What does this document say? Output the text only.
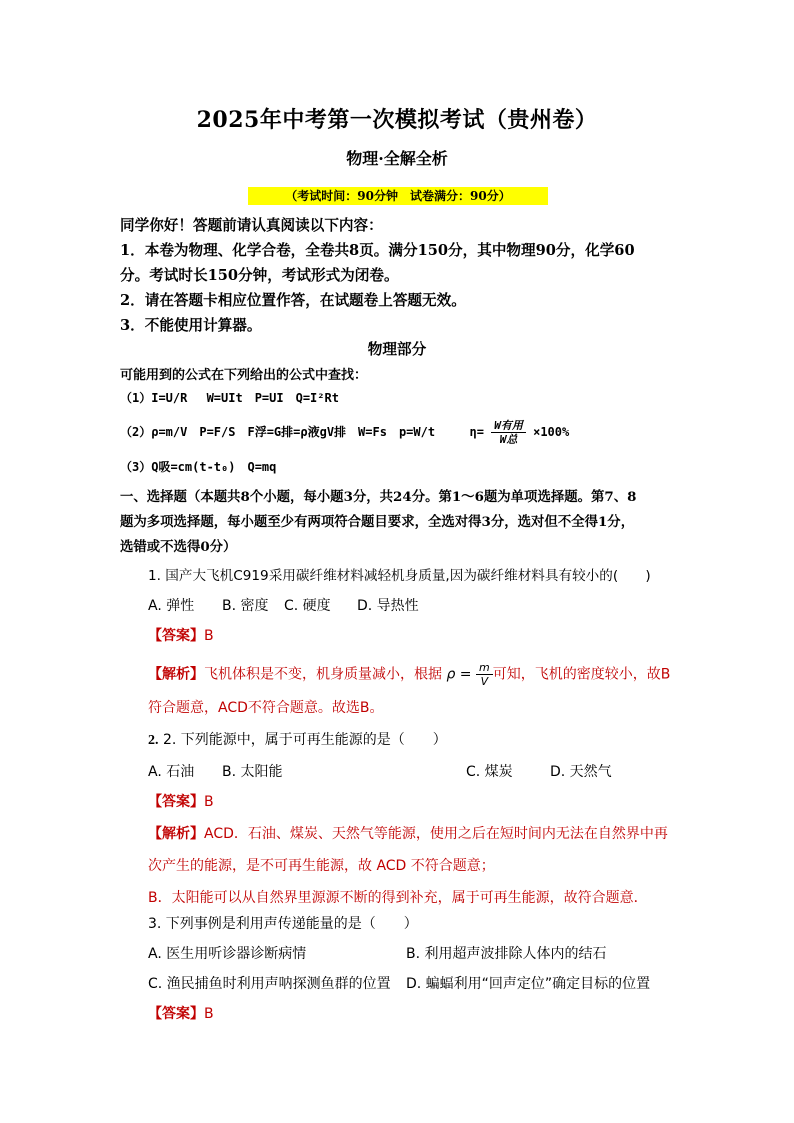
2025年中考第一次模拟考试（贵州卷）
物理·全解全析
（考试时间：90分钟　试卷满分：90分）
同学你好！答题前请认真阅读以下内容：
1．本卷为物理、化学合卷，全卷共8页。满分150分，其中物理90分，化学60
分。考试时长150分钟，考试形式为闭卷。
2．请在答题卡相应位置作答，在试题卷上答题无效。
3．不能使用计算器。
物理部分
可能用到的公式在下列给出的公式中查找：
（1）I=U/R　 W=UIt　P=UI　Q=I²Rt
（2）ρ=m/V　P=F/S　F浮=G排=ρ液gV排　W=Fs　p=W/t	$\eta= \frac{\text{W有用}}{\text{W总}} \times 100\%$
（3）Q吸=cm(t-t₀)　Q=mq
一、选择题（本题共8个小题，每小题3分，共24分。第1～6题为单项选择题。第7、8
题为多项选择题，每小题至少有两项符合题目要求，全选对得3分，选对但不全得1分，
选错或不选得0分）
1. 国产大飞机C919采用碳纤维材料减轻机身质量,因为碳纤维材料具有较小的(　　)
A. 弹性 B. 密度 C. 硬度 D. 导热性
【答案】B
【解析】飞机体积是不变，机身质量减小，根据 $\rho = \frac{m}{V}$ 可知，飞机的密度较小，故B
符合题意，ACD不符合题意。故选B。
2. 2. 下列能源中，属于可再生能源的是（　　）
A. 石油 B. 太阳能	C. 煤炭	D. 天然气
【答案】B
【解析】ACD．石油、煤炭、天然气等能源，使用之后在短时间内无法在自然界中再
次产生的能源，是不可再生能源，故 ACD 不符合题意；
B．太阳能可以从自然界里源源不断的得到补充，属于可再生能源，故符合题意．
3. 下列事例是利用声传递能量的是（　　）
A. 医生用听诊器诊断病情	B. 利用超声波排除人体内的结石
C. 渔民捕鱼时利用声呐探测鱼群的位置 D. 蝙蝠利用“回声定位”确定目标的位置
【答案】B
